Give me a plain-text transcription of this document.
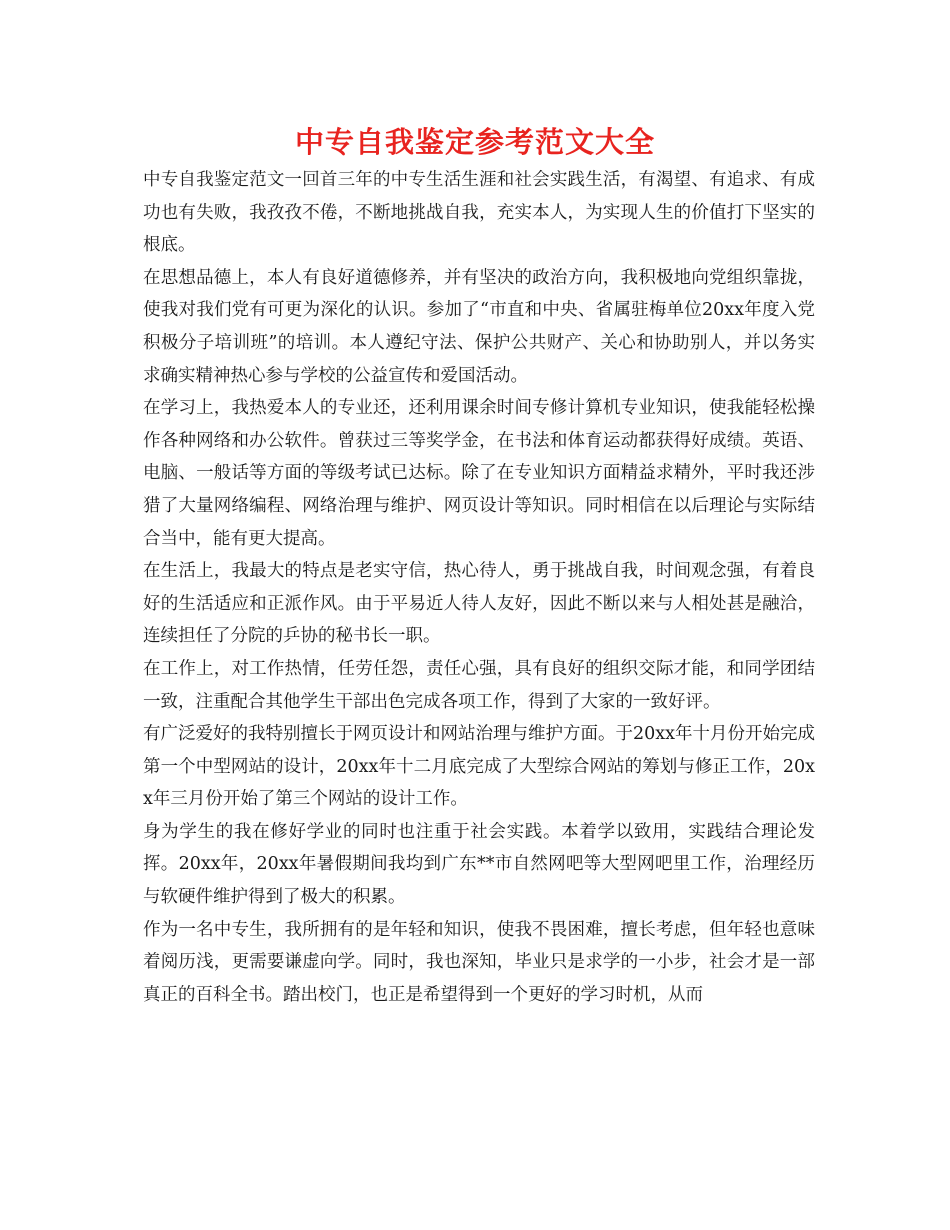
中专自我鉴定参考范文大全

中专自我鉴定范文一回首三年的中专生活生涯和社会实践生活，有渴望、有追求、有成功也有失败，我孜孜不倦，不断地挑战自我，充实本人，为实现人生的价值打下坚实的根底。

在思想品德上，本人有良好道德修养，并有坚决的政治方向，我积极地向党组织靠拢，使我对我们党有可更为深化的认识。参加了“市直和中央、省属驻梅单位20xx年度入党积极分子培训班”的培训。本人遵纪守法、保护公共财产、关心和协助别人，并以务实求确实精神热心参与学校的公益宣传和爱国活动。

在学习上，我热爱本人的专业还，还利用课余时间专修计算机专业知识，使我能轻松操作各种网络和办公软件。曾获过三等奖学金，在书法和体育运动都获得好成绩。英语、电脑、一般话等方面的等级考试已达标。除了在专业知识方面精益求精外，平时我还涉猎了大量网络编程、网络治理与维护、网页设计等知识。同时相信在以后理论与实际结合当中，能有更大提高。

在生活上，我最大的特点是老实守信，热心待人，勇于挑战自我，时间观念强，有着良好的生活适应和正派作风。由于平易近人待人友好，因此不断以来与人相处甚是融洽，连续担任了分院的乒协的秘书长一职。

在工作上，对工作热情，任劳任怨，责任心强，具有良好的组织交际才能，和同学团结一致，注重配合其他学生干部出色完成各项工作，得到了大家的一致好评。

有广泛爱好的我特别擅长于网页设计和网站治理与维护方面。于20xx年十月份开始完成第一个中型网站的设计，20xx年十二月底完成了大型综合网站的筹划与修正工作，20xx年三月份开始了第三个网站的设计工作。

身为学生的我在修好学业的同时也注重于社会实践。本着学以致用，实践结合理论发挥。20xx年，20xx年暑假期间我均到广东**市自然网吧等大型网吧里工作，治理经历与软硬件维护得到了极大的积累。

作为一名中专生，我所拥有的是年轻和知识，使我不畏困难，擅长考虑，但年轻也意味着阅历浅，更需要谦虚向学。同时，我也深知，毕业只是求学的一小步，社会才是一部真正的百科全书。踏出校门，也正是希望得到一个更好的学习时机，从而
